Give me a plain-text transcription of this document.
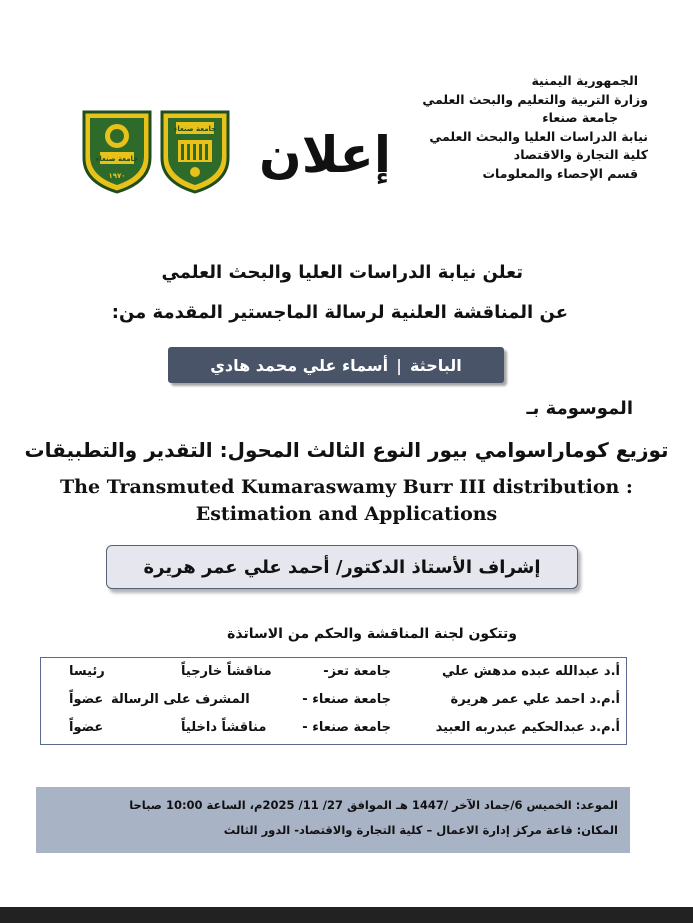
الجمهورية اليمنية
وزارة التربية والتعليم والبحث العلمي
جامعة صنعاء
نيابة الدراسات العليا والبحث العلمي
كلية التجارة والاقتصاد
قسم الإحصاء والمعلومات
إعلان
جامعة صنعاء
١٩٧٠
جامعة صنعاء
تعلن نيابة الدراسات العليا والبحث العلمي
عن المناقشة العلنية لرسالة الماجستير المقدمة من:
الباحثة
|
أسماء علي محمد هادي
الموسومة بـ
توزيع كوماراسوامي بيور النوع الثالث المحول: التقدير والتطبيقات
The Transmuted Kumaraswamy Burr III distribution :
Estimation and Applications
إشراف الأستاذ الدكتور/ أحمد علي عمر هريرة
وتتكون لجنة المناقشة والحكم من الاساتذة
أ.د عبدالله عبده مدهش علي
جامعة تعز-
مناقشاً خارجياً
رئيسا
أ.م.د احمد علي عمر هريرة
جامعة صنعاء -
المشرف على الرسالة
عضواً
أ.م.د عبدالحكيم عبدربه العبيد
جامعة صنعاء -
مناقشاً داخلياً
عضواً
الموعد: الخميس 6/جماد الآخر /1447 هـ الموافق 27/ 11/ 2025م، الساعة 10:00 صباحا
المكان: قاعة مركز إدارة الاعمال – كلية التجارة والاقتصاد- الدور الثالث
